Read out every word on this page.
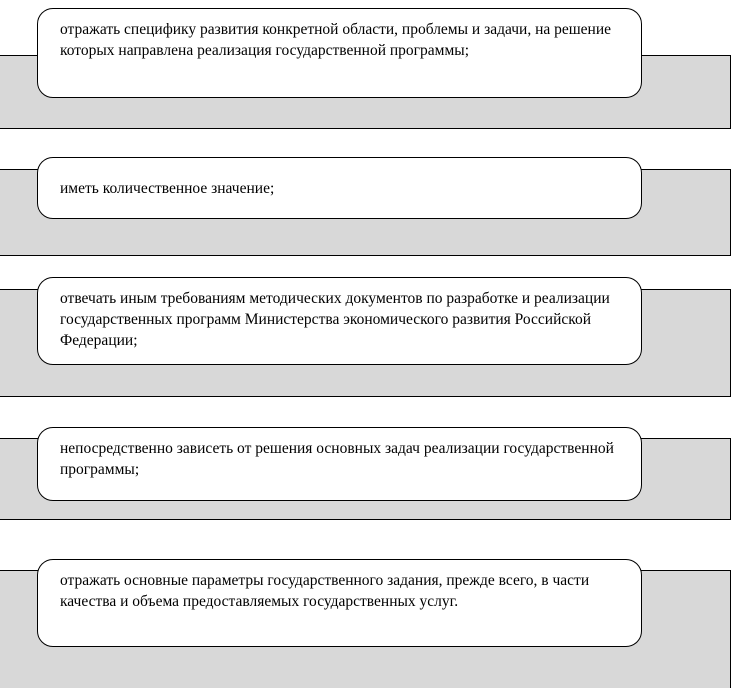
отражать специфику развития конкретной области, проблемы и задачи, на решение которых направлена реализация государственной программы;
иметь количественное значение;
отвечать иным требованиям методических документов по разработке и реализации государственных программ Министерства экономического развития Российской Федерации;
непосредственно зависеть от решения основных задач реализации государственной программы;
отражать основные параметры государственного задания, прежде всего, в части качества и объема предоставляемых государственных услуг.
